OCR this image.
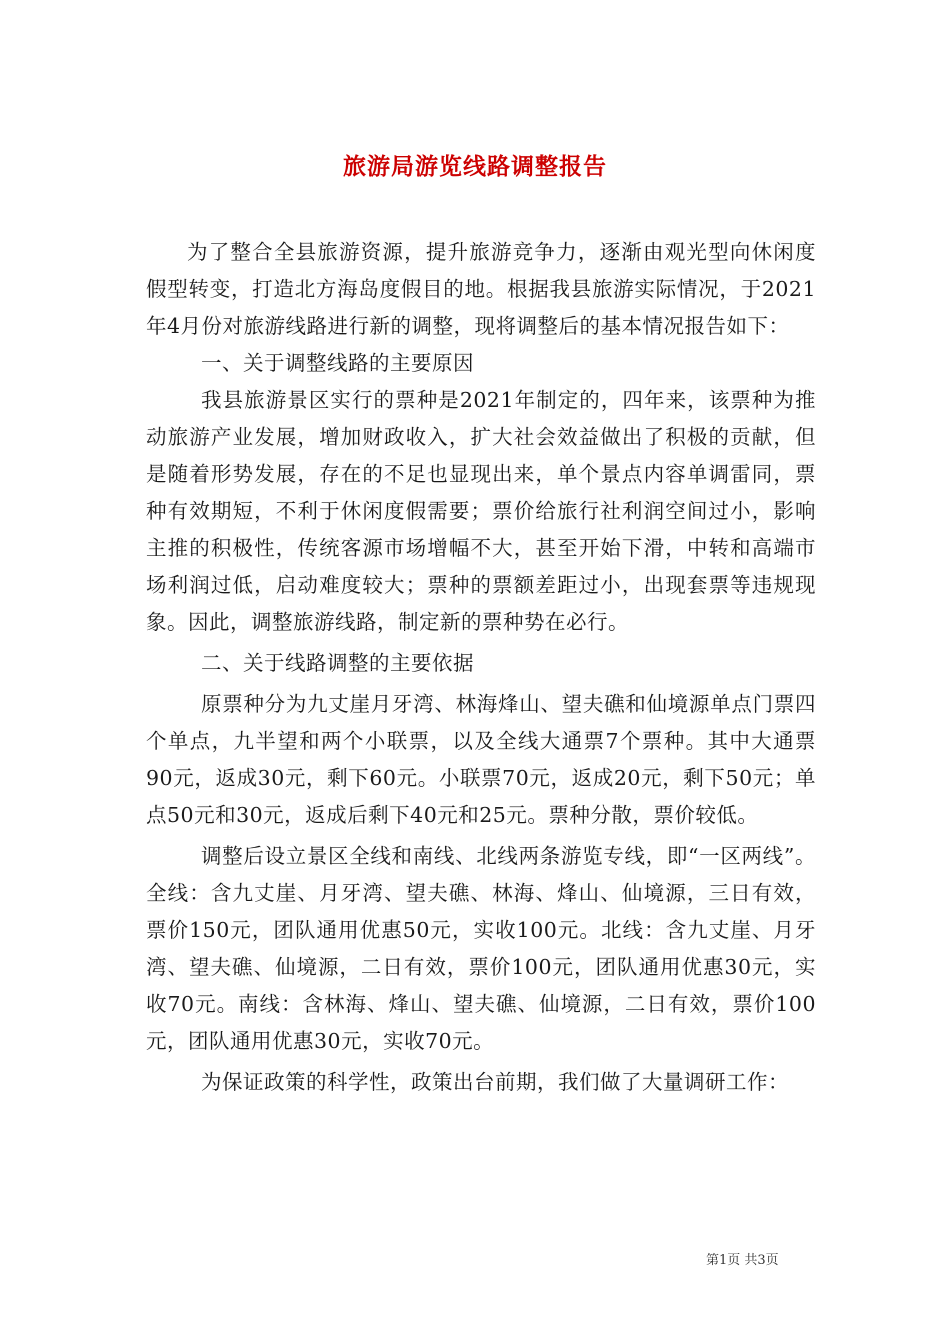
旅游局游览线路调整报告

为了整合全县旅游资源，提升旅游竞争力，逐渐由观光型向休闲度假型转变，打造北方海岛度假目的地。根据我县旅游实际情况，于2021年4月份对旅游线路进行新的调整，现将调整后的基本情况报告如下：

一、关于调整线路的主要原因

我县旅游景区实行的票种是2021年制定的，四年来，该票种为推动旅游产业发展，增加财政收入，扩大社会效益做出了积极的贡献，但是随着形势发展，存在的不足也显现出来，单个景点内容单调雷同，票种有效期短，不利于休闲度假需要；票价给旅行社利润空间过小，影响主推的积极性，传统客源市场增幅不大，甚至开始下滑，中转和高端市场利润过低，启动难度较大；票种的票额差距过小，出现套票等违规现象。因此，调整旅游线路，制定新的票种势在必行。

二、关于线路调整的主要依据

原票种分为九丈崖月牙湾、林海烽山、望夫礁和仙境源单点门票四个单点，九半望和两个小联票，以及全线大通票7个票种。其中大通票90元，返成30元，剩下60元。小联票70元，返成20元，剩下50元；单点50元和30元，返成后剩下40元和25元。票种分散，票价较低。

调整后设立景区全线和南线、北线两条游览专线，即“一区两线”。全线：含九丈崖、月牙湾、望夫礁、林海、烽山、仙境源，三日有效，票价150元，团队通用优惠50元，实收100元。北线：含九丈崖、月牙湾、望夫礁、仙境源，二日有效，票价100元，团队通用优惠30元，实收70元。南线：含林海、烽山、望夫礁、仙境源，二日有效，票价100元，团队通用优惠30元，实收70元。

为保证政策的科学性，政策出台前期，我们做了大量调研工作：

第1页 共3页
